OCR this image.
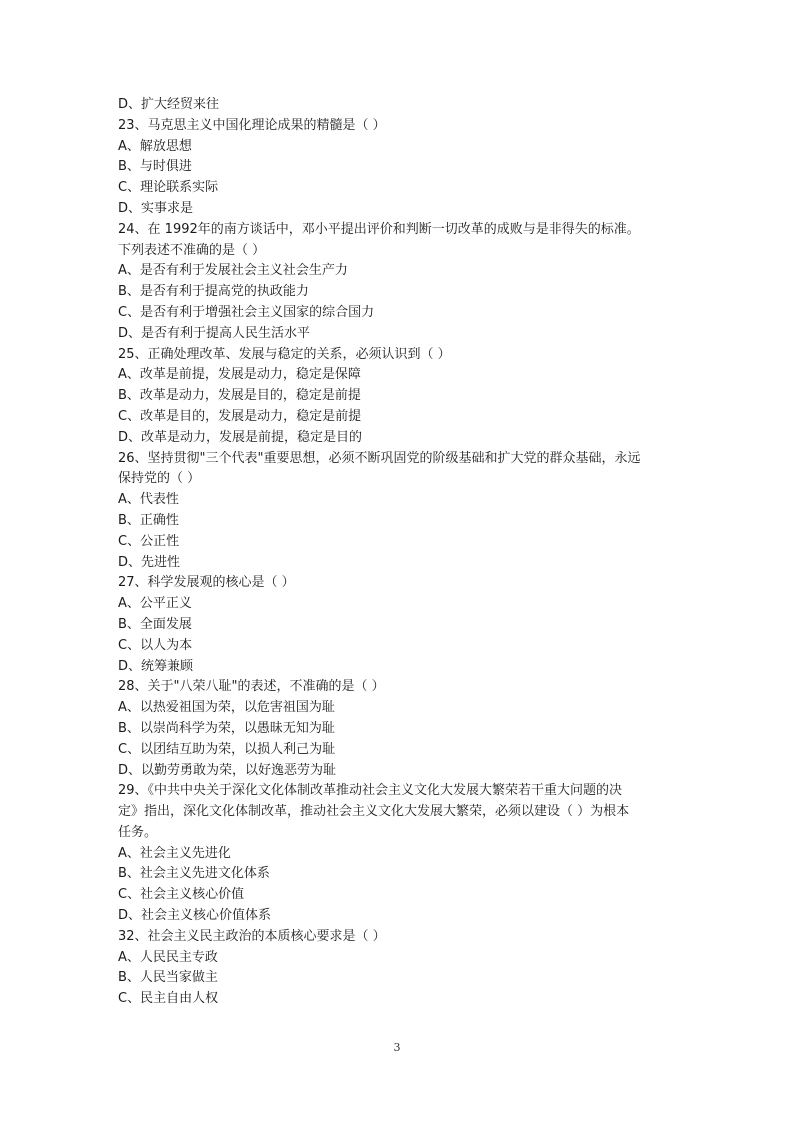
D、扩大经贸来往
23、马克思主义中国化理论成果的精髓是（ ）
A、解放思想
B、与时俱进
C、理论联系实际
D、实事求是
24、在 1992年的南方谈话中，邓小平提出评价和判断一切改革的成败与是非得失的标准。
下列表述不准确的是（ ）
A、是否有利于发展社会主义社会生产力
B、是否有利于提高党的执政能力
C、是否有利于增强社会主义国家的综合国力
D、是否有利于提高人民生活水平
25、正确处理改革、发展与稳定的关系，必须认识到（ ）
A、改革是前提，发展是动力，稳定是保障
B、改革是动力，发展是目的，稳定是前提
C、改革是目的，发展是动力，稳定是前提
D、改革是动力，发展是前提，稳定是目的
26、坚持贯彻"三个代表"重要思想，必须不断巩固党的阶级基础和扩大党的群众基础，永远
保持党的（ ）
A、代表性
B、正确性
C、公正性
D、先进性
27、科学发展观的核心是（ ）
A、公平正义
B、全面发展
C、以人为本
D、统筹兼顾
28、关于"八荣八耻"的表述，不准确的是（ ）
A、以热爱祖国为荣，以危害祖国为耻
B、以崇尚科学为荣，以愚昧无知为耻
C、以团结互助为荣，以损人利己为耻
D、以勤劳勇敢为荣，以好逸恶劳为耻
29、《中共中央关于深化文化体制改革推动社会主义文化大发展大繁荣若干重大问题的决
定》指出，深化文化体制改革，推动社会主义文化大发展大繁荣，必须以建设（ ）为根本
任务。
A、社会主义先进化
B、社会主义先进文化体系
C、社会主义核心价值
D、社会主义核心价值体系
32、社会主义民主政治的本质核心要求是（ ）
A、人民民主专政
B、人民当家做主
C、民主自由人权
3
